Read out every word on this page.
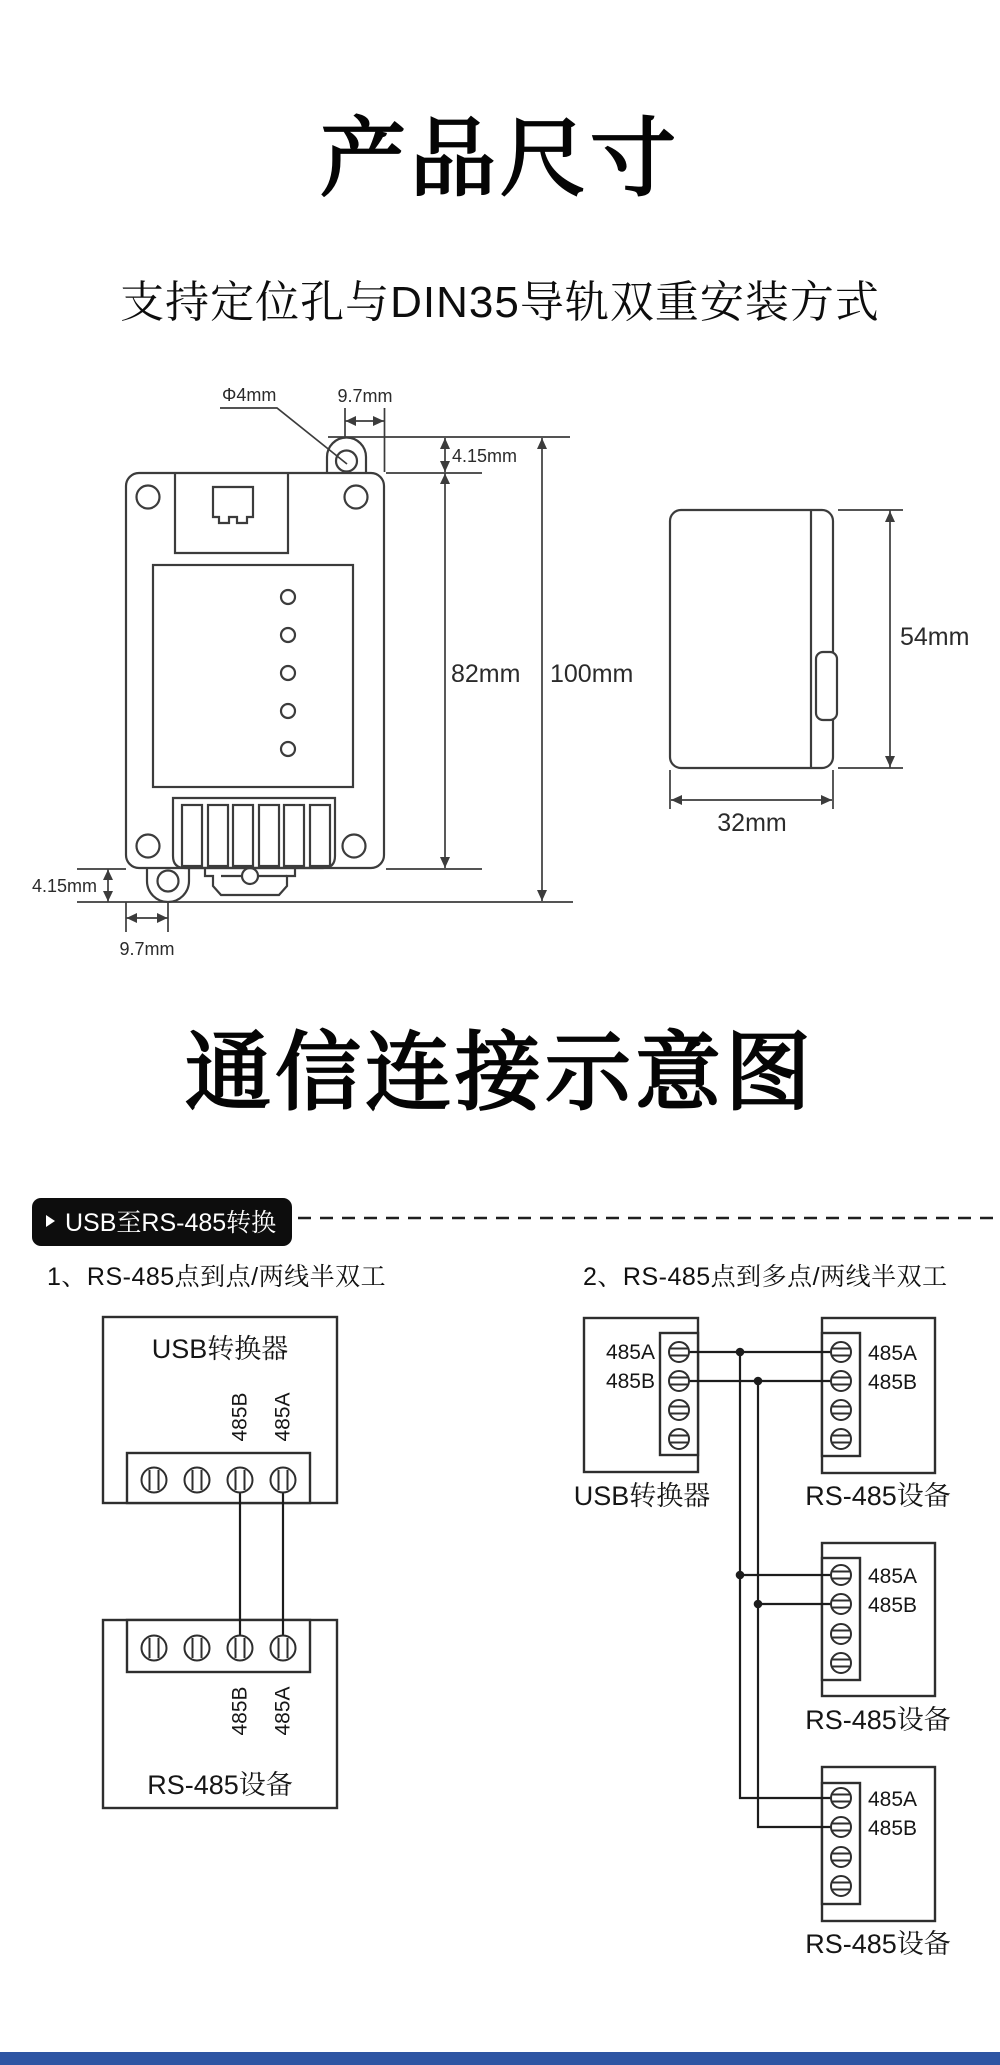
4.15mm
82mm 100mm
4.15mm
9.7mm
9.7mm
Φ4mm
54mm
32mm
USB转换器
485B 485A
485B 485A
RS-485设备
485A
485B
485A
485B
485A
485B
485A
485B
USB转换器	RS-485设备
RS-485设备
RS-485设备
产品尺寸
支持定位孔与DIN35导轨双重安装方式
通信连接示意图
USB至RS-485转换
1、RS-485点到点/两线半双工	2、RS-485点到多点/两线半双工
